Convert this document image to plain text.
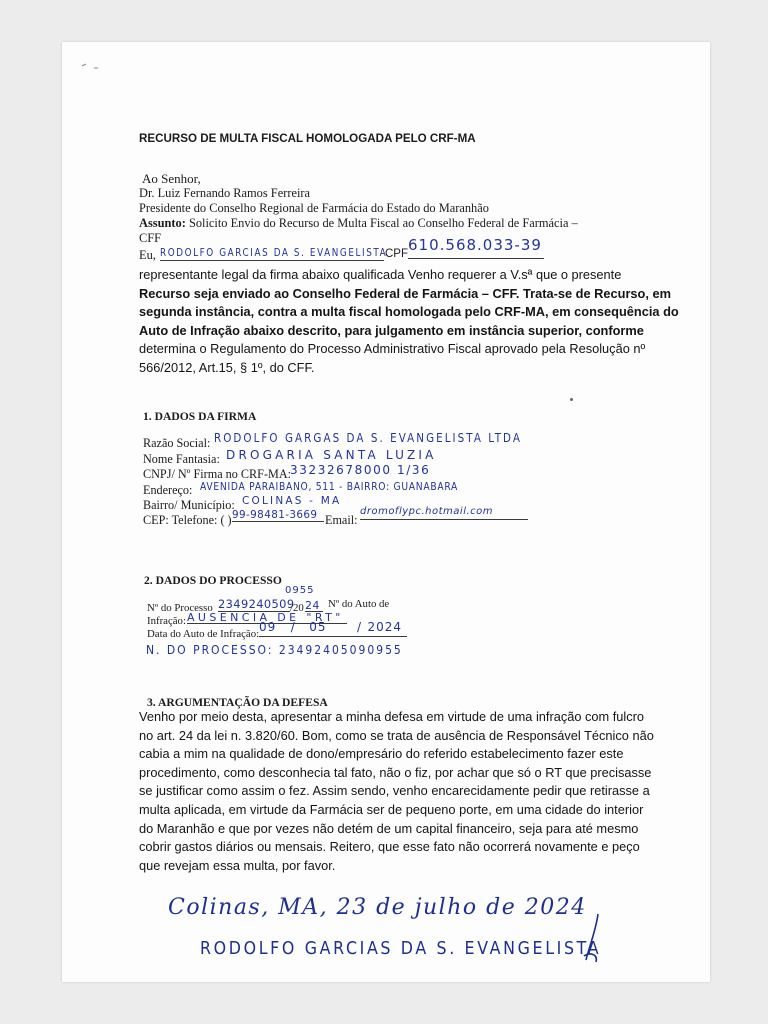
RECURSO DE MULTA FISCAL HOMOLOGADA PELO CRF-MA
Ao Senhor,
Dr. Luiz Fernando Ramos Ferreira
Presidente do Conselho Regional de Farmácia do Estado do Maranhão
Assunto: Solicito Envio do Recurso de Multa Fiscal ao Conselho Federal de Farmácia –
CFF
Eu, RODOLFO GARCIAS DA S. EVANGELISTA
CPF 610.568.033-39
representante legal da firma abaixo qualificada Venho requerer a V.sª que o presente
Recurso seja enviado ao Conselho Federal de Farmácia – CFF. Trata-se de Recurso, em
segunda instância, contra a multa fiscal homologada pelo CRF-MA, em consequência do
Auto de Infração abaixo descrito, para julgamento em instância superior, conforme
determina o Regulamento do Processo Administrativo Fiscal aprovado pela Resolução nº
566/2012, Art.15, § 1º, do CFF.
1. DADOS DA FIRMA
Razão Social: RODOLFO GARGAS DA S. EVANGELISTA LTDA
Nome Fantasia: DROGARIA SANTA LUZIA
CNPJ/ Nº Firma no CRF-MA:
33232678000 1/36
Endereço: AVENIDA PARAIBANO, 511 - BAIRRO: GUANABARA
Bairro/ Município: COLINAS - MA
CEP: Telefone: ( ) 99-98481-3669 Email:
dromoflypc.hotmail.com
0955
2. DADOS DO PROCESSO
Nº do Processo 2349240509
/20 24 Nº do Auto de
Infração: AUSENCIA DE "RT"
Data do Auto de Infração: 09 / 05	/ 2024
N. DO PROCESSO: 23492405090955
3. ARGUMENTAÇÃO DA DEFESA
Venho por meio desta, apresentar a minha defesa em virtude de uma infração com fulcro
no art. 24 da lei n. 3.820/60. Bom, como se trata de ausência de Responsável Técnico não
cabia a mim na qualidade de dono/empresário do referido estabelecimento fazer este
procedimento, como desconhecia tal fato, não o fiz, por achar que só o RT que precisasse
se justificar como assim o fez. Assim sendo, venho encarecidamente pedir que retirasse a
multa aplicada, em virtude da Farmácia ser de pequeno porte, em uma cidade do interior
do Maranhão e que por vezes não detém de um capital financeiro, seja para até mesmo
cobrir gastos diários ou mensais. Reitero, que esse fato não ocorrerá novamente e peço
que revejam essa multa, por favor.
Colinas, MA, 23 de julho de 2024
RODOLFO GARCIAS DA S. EVANGELISTA
